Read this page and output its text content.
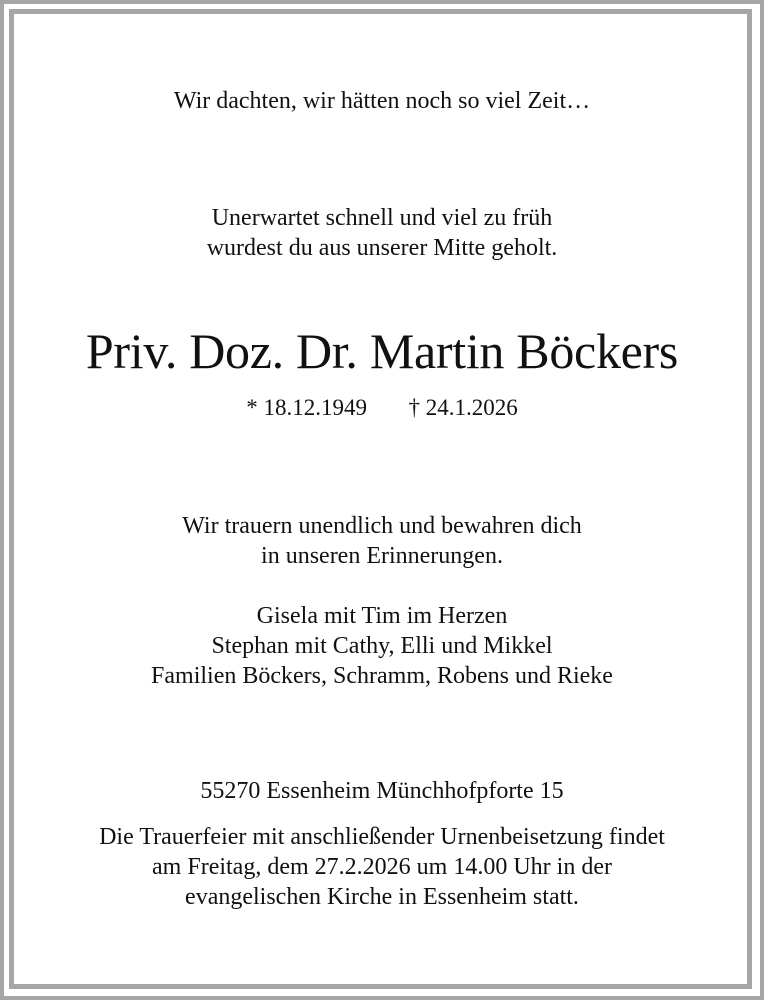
Wir dachten, wir hätten noch so viel Zeit…
Unerwartet schnell und viel zu früh
wurdest du aus unserer Mitte geholt.
Priv. Doz. Dr. Martin Böckers
* 18.12.1949 † 24.1.2026
Wir trauern unendlich und bewahren dich
in unseren Erinnerungen.
Gisela mit Tim im Herzen
Stephan mit Cathy, Elli und Mikkel
Familien Böckers, Schramm, Robens und Rieke
55270 Essenheim Münchhofpforte 15
Die Trauerfeier mit anschließender Urnenbeisetzung findet
am Freitag, dem 27.2.2026 um 14.00 Uhr in der
evangelischen Kirche in Essenheim statt.
